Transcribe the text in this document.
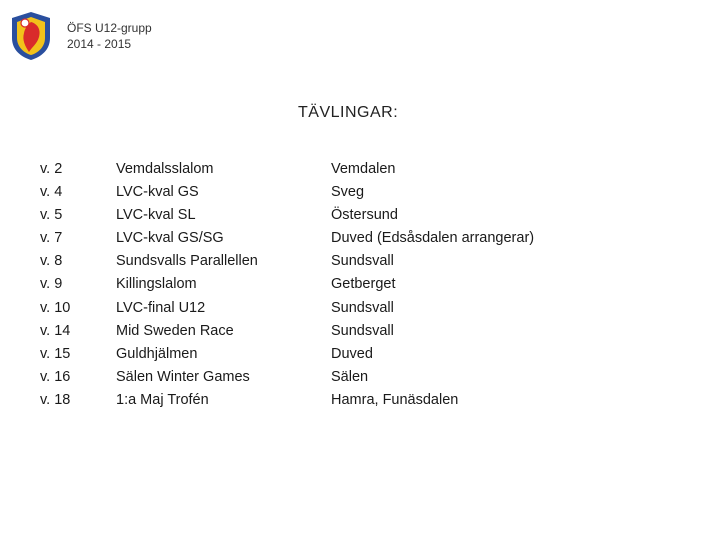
ÖFS U12-grupp
2014 - 2015
TÄVLINGAR:
v. 2
v. 4
v. 5
v. 7
v. 8
v. 9
v. 10
v. 14
v. 15
v. 16
v. 18
Vemdalsslalom
LVC-kval GS
LVC-kval SL
LVC-kval GS/SG
Sundsvalls Parallellen
Killingslalom
LVC-final U12
Mid Sweden Race
Guldhjälmen
Sälen Winter Games
1:a Maj Trofén
Vemdalen
Sveg
Östersund
Duved (Edsåsdalen arrangerar)
Sundsvall
Getberget
Sundsvall
Sundsvall
Duved
Sälen
Hamra, Funäsdalen
